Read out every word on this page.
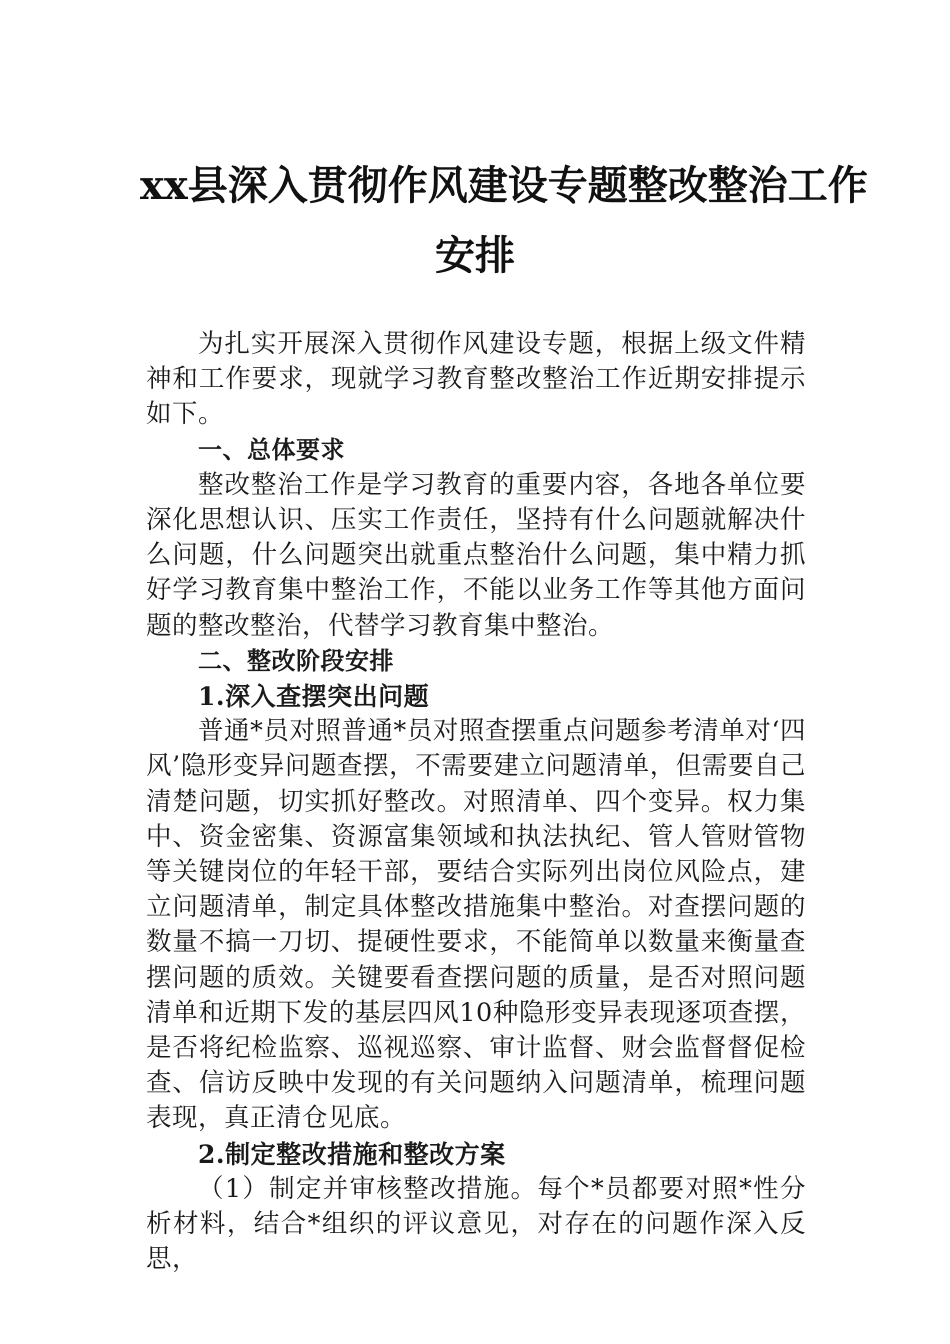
xx县深入贯彻作风建设专题整改整治工作
安排

为扎实开展深入贯彻作风建设专题，根据上级文件精神和工作要求，现就学习教育整改整治工作近期安排提示如下。

一、总体要求

整改整治工作是学习教育的重要内容，各地各单位要深化思想认识、压实工作责任，坚持有什么问题就解决什么问题，什么问题突出就重点整治什么问题，集中精力抓好学习教育集中整治工作，不能以业务工作等其他方面问题的整改整治，代替学习教育集中整治。

二、整改阶段安排

1.深入查摆突出问题

普通*员对照普通*员对照查摆重点问题参考清单对‘四风’隐形变异问题查摆，不需要建立问题清单，但需要自己清楚问题，切实抓好整改。对照清单、四个变异。权力集中、资金密集、资源富集领域和执法执纪、管人管财管物等关键岗位的年轻干部，要结合实际列出岗位风险点，建立问题清单，制定具体整改措施集中整治。对查摆问题的数量不搞一刀切、提硬性要求，不能简单以数量来衡量查摆问题的质效。关键要看查摆问题的质量，是否对照问题清单和近期下发的基层四风10种隐形变异表现逐项查摆，是否将纪检监察、巡视巡察、审计监督、财会监督督促检查、信访反映中发现的有关问题纳入问题清单，梳理问题表现，真正清仓见底。

2.制定整改措施和整改方案

（1）制定并审核整改措施。每个*员都要对照*性分析材料，结合*组织的评议意见，对存在的问题作深入反思，
